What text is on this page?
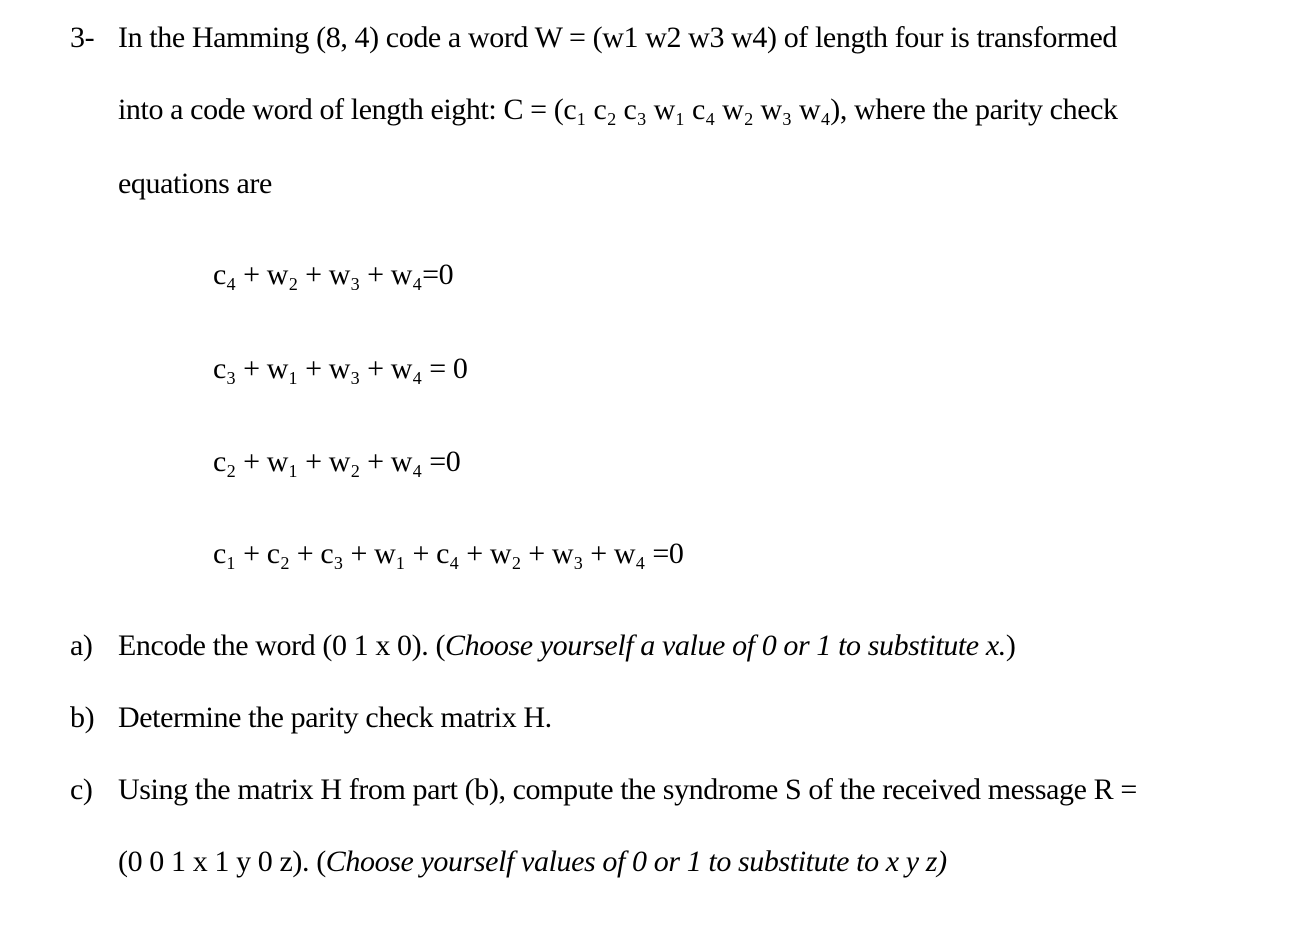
3- In the Hamming (8, 4) code a word W = (w1 w2 w3 w4) of length four is transformed
into a code word of length eight: C = (c₁ c₂ c₃ w₁ c₄ w₂ w₃ w₄), where the parity check
equations are
c₄ + w₂ + w₃ + w₄=0
c₃ + w₁ + w₃ + w₄ = 0
c₂ + w₁ + w₂ + w₄ =0
c₁ + c₂ + c₃ + w₁ + c₄ + w₂ + w₃ + w₄ =0
a) Encode the word (0 1 x 0). (Choose yourself a value of 0 or 1 to substitute x.)
b) Determine the parity check matrix H.
c) Using the matrix H from part (b), compute the syndrome S of the received message R =
(0 0 1 x 1 y 0 z). (Choose yourself values of 0 or 1 to substitute to x y z)
